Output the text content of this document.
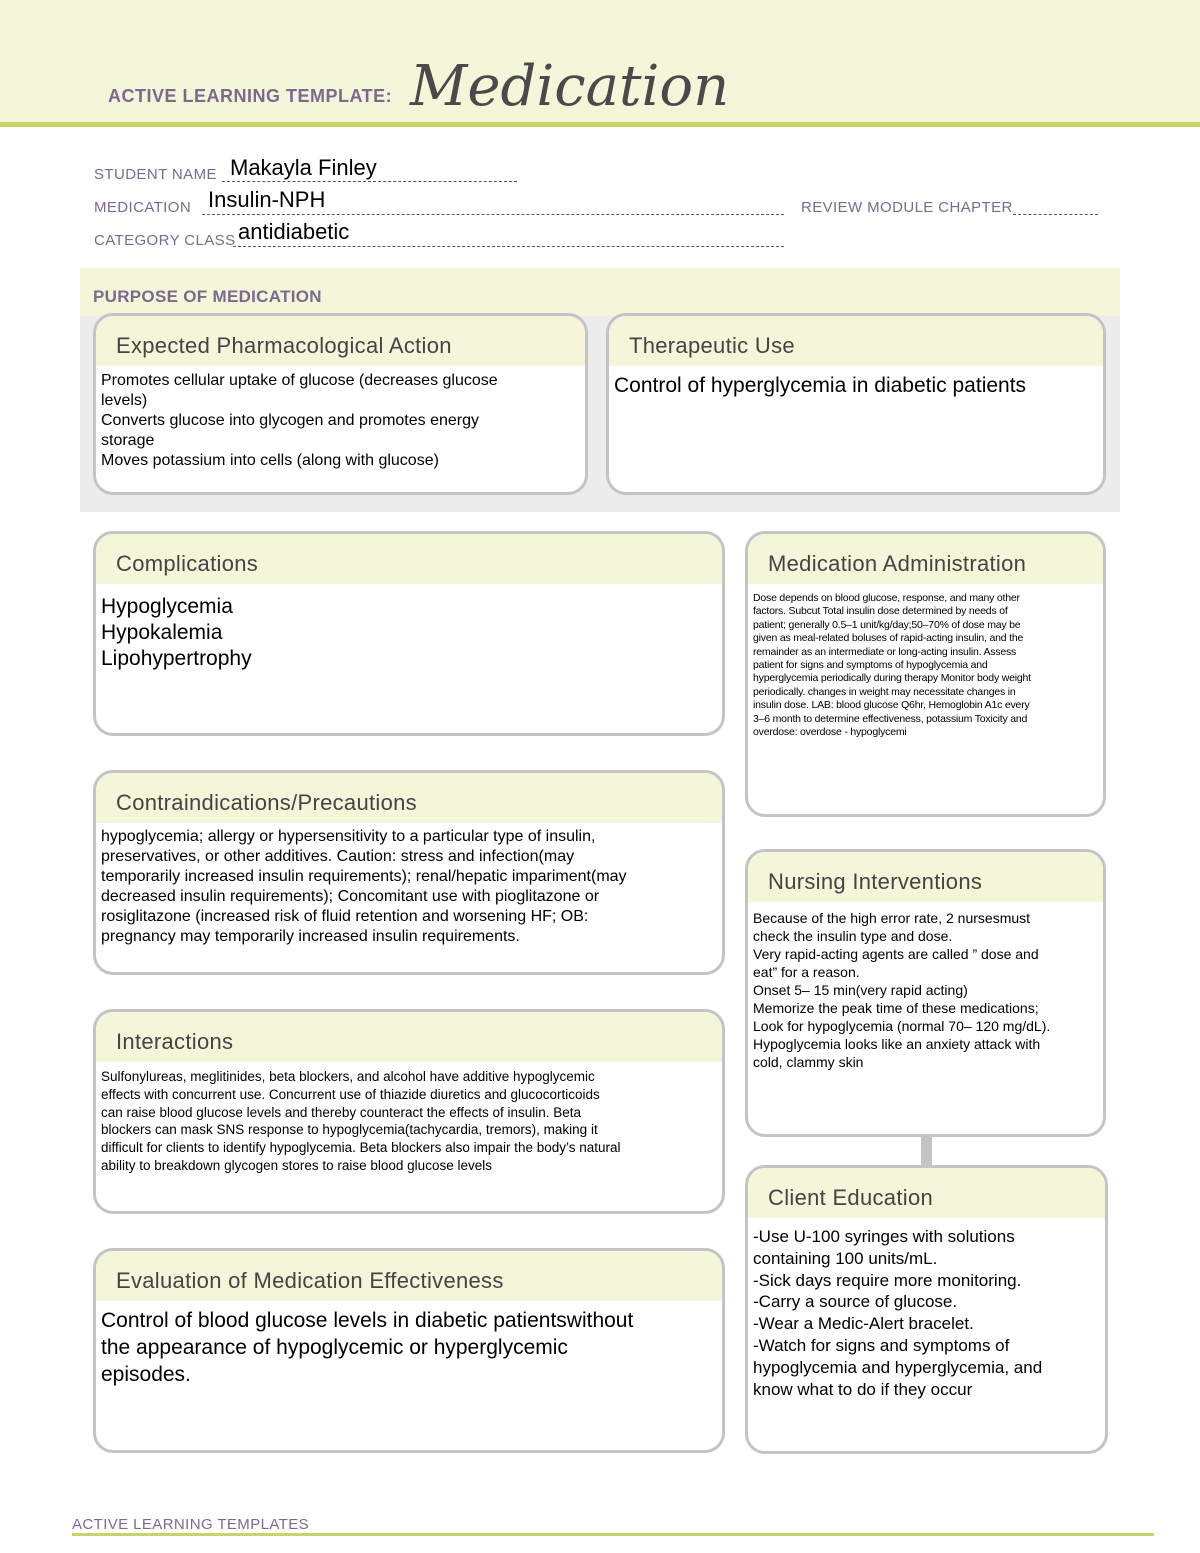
ACTIVE LEARNING TEMPLATE: Medication
STUDENT NAME Makayla Finley
MEDICATION Insulin-NPH	REVIEW MODULE CHAPTER
CATEGORY CLASS antidiabetic
PURPOSE OF MEDICATION
Expected Pharmacological Action
Promotes cellular uptake of glucose (decreases glucose
levels)
Converts glucose into glycogen and promotes energy
storage
Moves potassium into cells (along with glucose)
Therapeutic Use
Control of hyperglycemia in diabetic patients
Complications
Hypoglycemia
Hypokalemia
Lipohypertrophy
Contraindications/Precautions
hypoglycemia; allergy or hypersensitivity to a particular type of insulin,
preservatives, or other additives. Caution: stress and infection(may
temporarily increased insulin requirements); renal/hepatic impariment(may
decreased insulin requirements); Concomitant use with pioglitazone or
rosiglitazone (increased risk of fluid retention and worsening HF; OB:
pregnancy may temporarily increased insulin requirements.
Interactions
Sulfonylureas, meglitinides, beta blockers, and alcohol have additive hypoglycemic
effects with concurrent use. Concurrent use of thiazide diuretics and glucocorticoids
can raise blood glucose levels and thereby counteract the effects of insulin. Beta
blockers can mask SNS response to hypoglycemia(tachycardia, tremors), making it
difficult for clients to identify hypoglycemia. Beta blockers also impair the body’s natural
ability to breakdown glycogen stores to raise blood glucose levels
Evaluation of Medication Effectiveness
Control of blood glucose levels in diabetic patientswithout
the appearance of hypoglycemic or hyperglycemic
episodes.
Medication Administration
Dose depends on blood glucose, response, and many other
factors. Subcut Total insulin dose determined by needs of
patient; generally 0.5–1 unit/kg/day;50–70% of dose may be
given as meal-related boluses of rapid-acting insulin, and the
remainder as an intermediate or long-acting insulin. Assess
patient for signs and symptoms of hypoglycemia and
hyperglycemia periodically during therapy Monitor body weight
periodically. changes in weight may necessitate changes in
insulin dose. LAB: blood glucose Q6hr, Hemoglobin A1c every
3–6 month to determine effectiveness, potassium Toxicity and
overdose: overdose - hypoglycemi
Nursing Interventions
Because of the high error rate, 2 nursesmust
check the insulin type and dose.
Very rapid-acting agents are called ” dose and
eat” for a reason.
Onset 5– 15 min(very rapid acting)
Memorize the peak time of these medications;
Look for hypoglycemia (normal 70– 120 mg/dL).
Hypoglycemia looks like an anxiety attack with
cold, clammy skin
Client Education
-Use U-100 syringes with solutions
containing 100 units/mL.
-Sick days require more monitoring.
-Carry a source of glucose.
-Wear a Medic-Alert bracelet.
-Watch for signs and symptoms of
hypoglycemia and hyperglycemia, and
know what to do if they occur
ACTIVE LEARNING TEMPLATES
